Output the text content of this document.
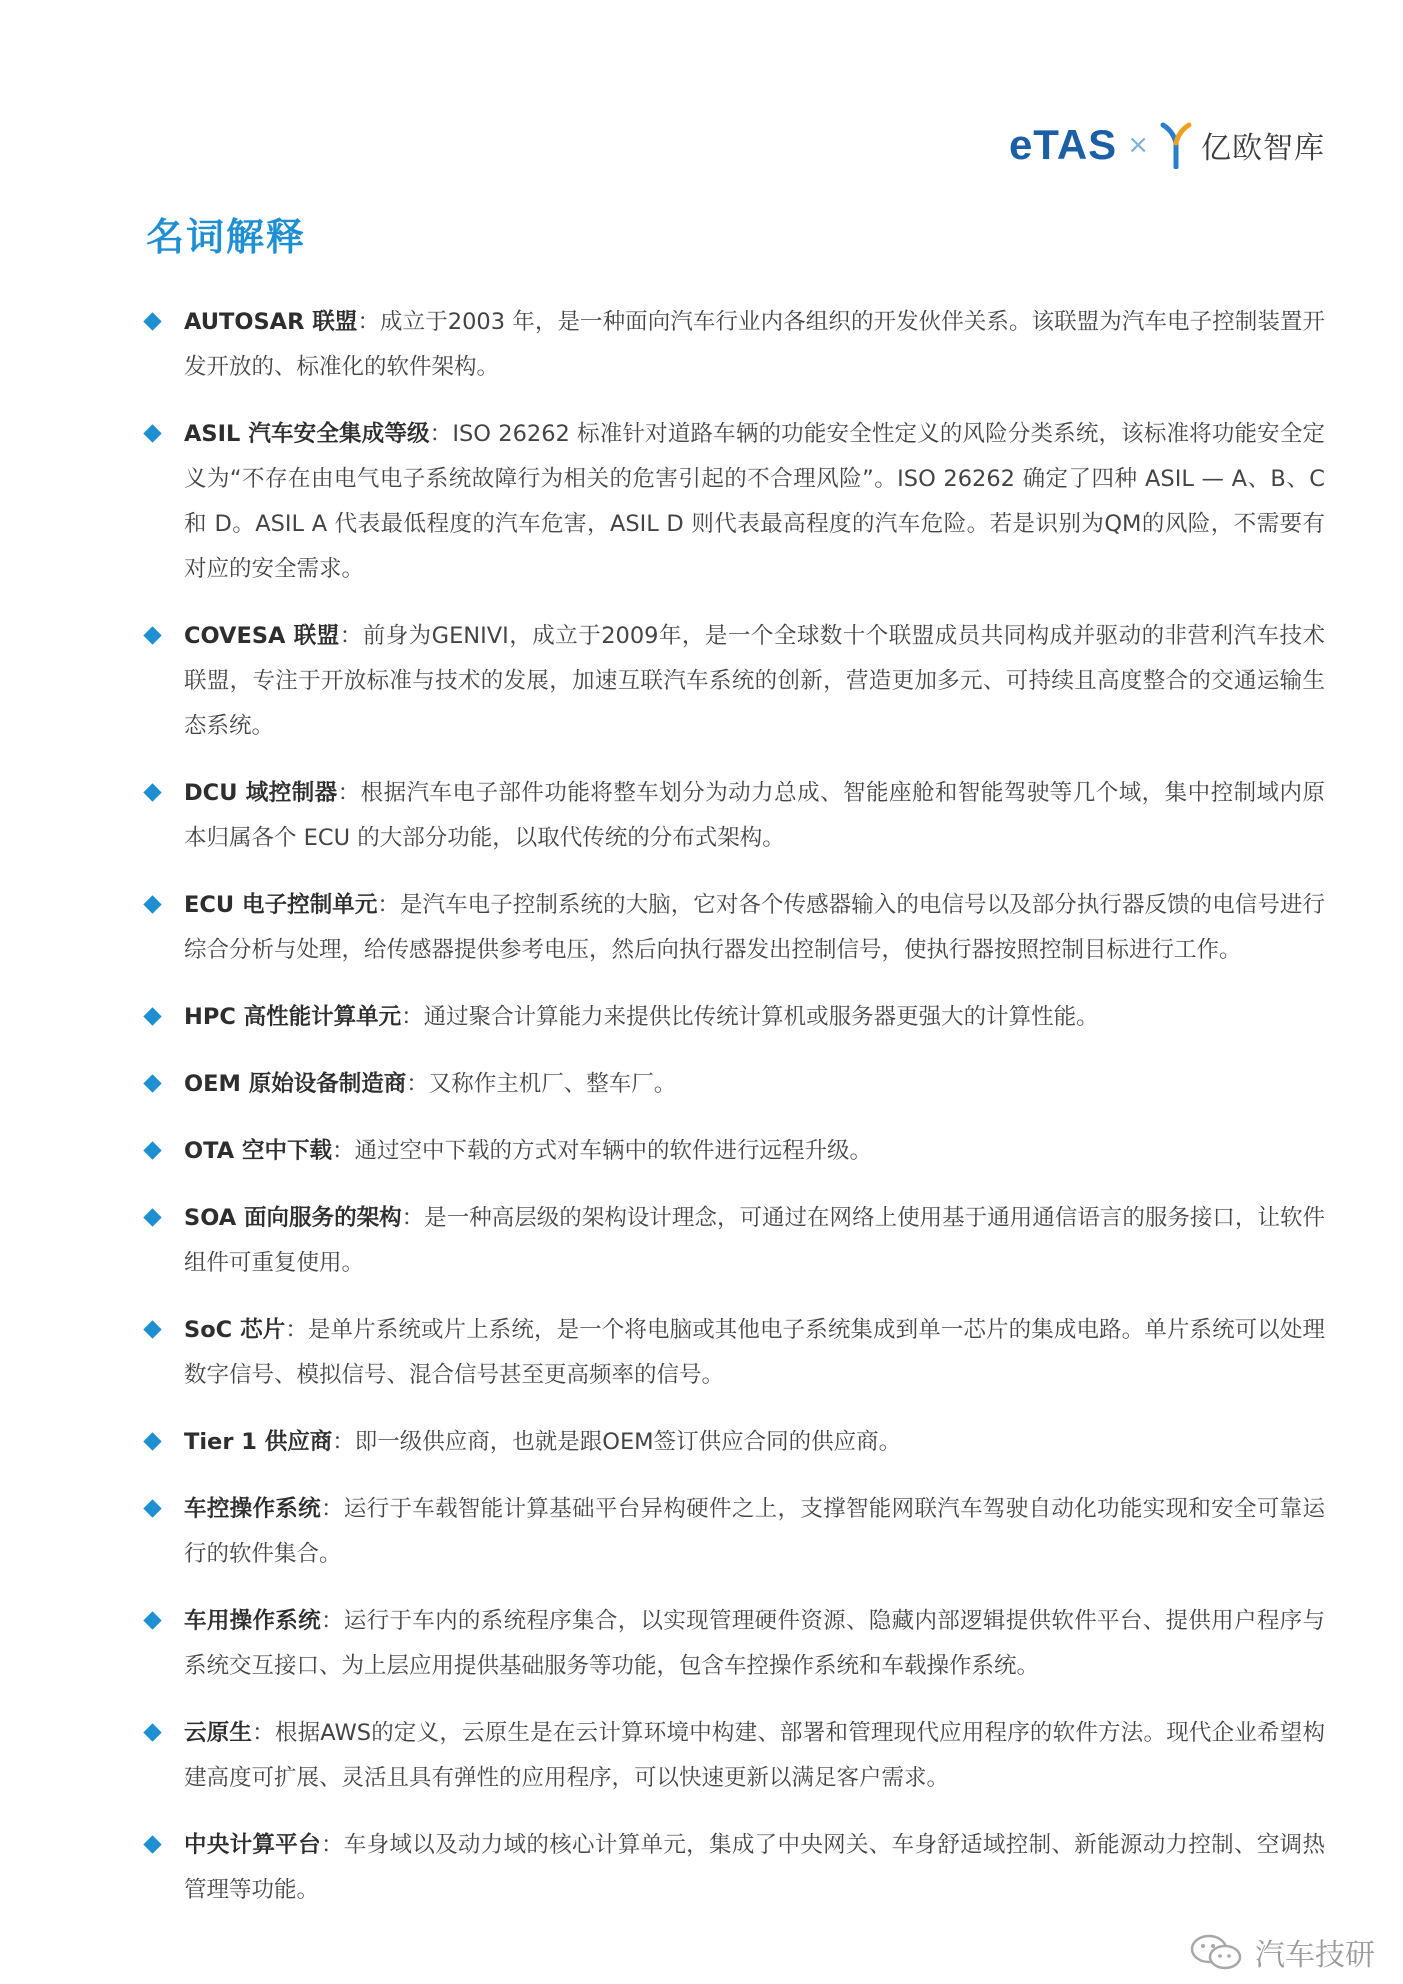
eTAS × 亿欧智库
名词解释
AUTOSAR 联盟：成立于2003 年，是一种面向汽车行业内各组织的开发伙伴关系。该联盟为汽车电子控制装置开发开放的、标准化的软件架构。
ASIL 汽车安全集成等级：ISO 26262 标准针对道路车辆的功能安全性定义的风险分类系统，该标准将功能安全定义为“不存在由电气电子系统故障行为相关的危害引起的不合理风险”。ISO 26262 确定了四种 ASIL — A、B、C 和 D。ASIL A 代表最低程度的汽车危害，ASIL D 则代表最高程度的汽车危险。若是识别为QM的风险，不需要有对应的安全需求。
COVESA 联盟：前身为GENIVI，成立于2009年，是一个全球数十个联盟成员共同构成并驱动的非营利汽车技术联盟，专注于开放标准与技术的发展，加速互联汽车系统的创新，营造更加多元、可持续且高度整合的交通运输生态系统。
DCU 域控制器：根据汽车电子部件功能将整车划分为动力总成、智能座舱和智能驾驶等几个域，集中控制域内原本归属各个 ECU 的大部分功能，以取代传统的分布式架构。
ECU 电子控制单元：是汽车电子控制系统的大脑，它对各个传感器输入的电信号以及部分执行器反馈的电信号进行综合分析与处理，给传感器提供参考电压，然后向执行器发出控制信号，使执行器按照控制目标进行工作。
HPC 高性能计算单元：通过聚合计算能力来提供比传统计算机或服务器更强大的计算性能。
OEM 原始设备制造商：又称作主机厂、整车厂。
OTA 空中下载：通过空中下载的方式对车辆中的软件进行远程升级。
SOA 面向服务的架构：是一种高层级的架构设计理念，可通过在网络上使用基于通用通信语言的服务接口，让软件组件可重复使用。
SoC 芯片：是单片系统或片上系统，是一个将电脑或其他电子系统集成到单一芯片的集成电路。单片系统可以处理数字信号、模拟信号、混合信号甚至更高频率的信号。
Tier 1 供应商：即一级供应商，也就是跟OEM签订供应合同的供应商。
车控操作系统：运行于车载智能计算基础平台异构硬件之上，支撑智能网联汽车驾驶自动化功能实现和安全可靠运行的软件集合。
车用操作系统：运行于车内的系统程序集合，以实现管理硬件资源、隐藏内部逻辑提供软件平台、提供用户程序与系统交互接口、为上层应用提供基础服务等功能，包含车控操作系统和车载操作系统。
云原生：根据AWS的定义，云原生是在云计算环境中构建、部署和管理现代应用程序的软件方法。现代企业希望构建高度可扩展、灵活且具有弹性的应用程序，可以快速更新以满足客户需求。
中央计算平台：车身域以及动力域的核心计算单元，集成了中央网关、车身舒适域控制、新能源动力控制、空调热管理等功能。
汽车技研
